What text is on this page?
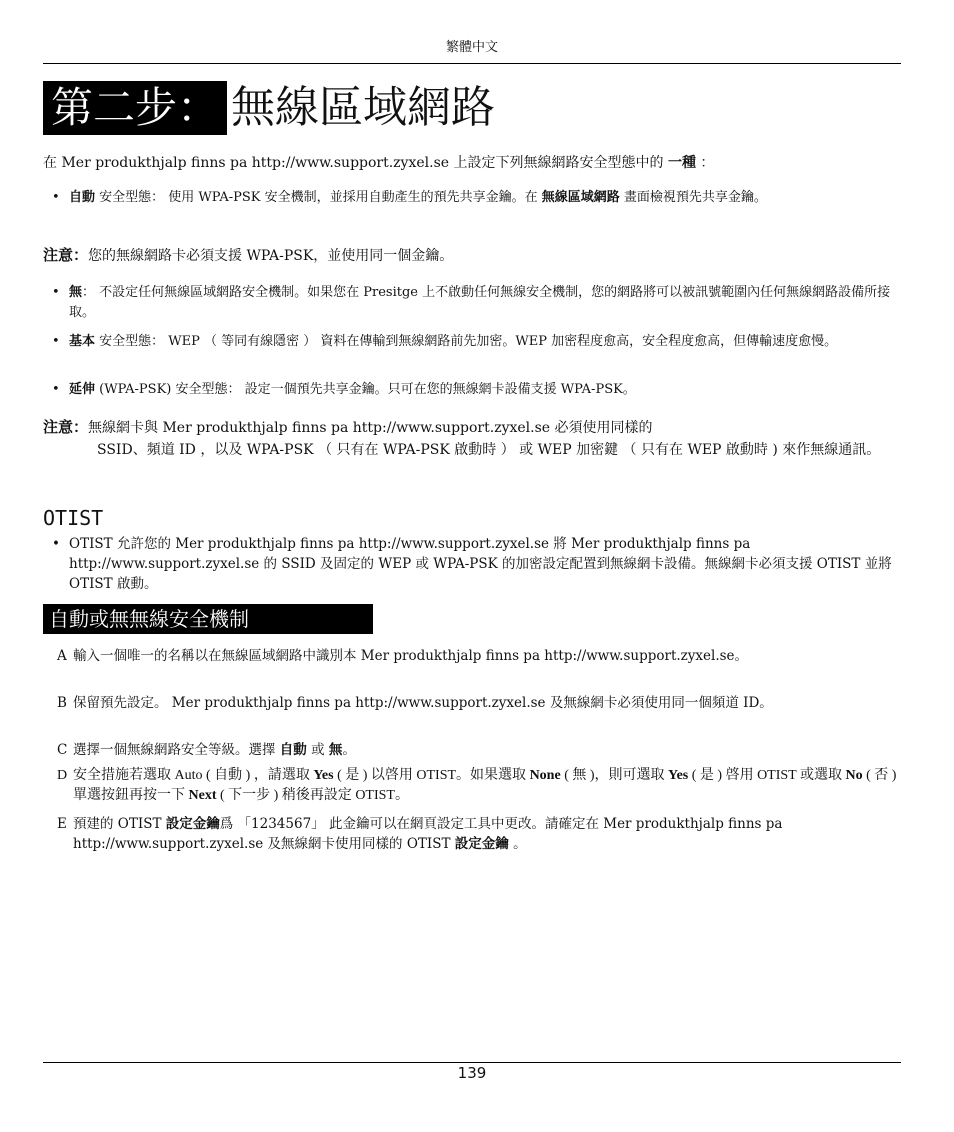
繁體中文
第二步： 無線區域網路
在 Mer produkthjalp finns pa http://www.support.zyxel.se 上設定下列無線網路安全型態中的 一種 ：
• 自動 安全型態： 使用 WPA-PSK 安全機制，並採用自動產生的預先共享金鑰。在 無線區域網路 畫面檢視預先共享金鑰。
注意：您的無線網路卡必須支援 WPA-PSK，並使用同一個金鑰。
• 無： 不設定任何無線區域網路安全機制。如果您在 Presitge 上不啟動任何無線安全機制，您的網路將可以被訊號範圍內任何無線網路設備所接取。
• 基本 安全型態： WEP （ 等同有線隱密 ） 資料在傳輸到無線網路前先加密。WEP 加密程度愈高，安全程度愈高，但傳輸速度愈慢。
• 延伸 (WPA-PSK) 安全型態： 設定一個預先共享金鑰。只可在您的無線網卡設備支援 WPA-PSK。
注意：無線網卡與 Mer produkthjalp finns pa http://www.support.zyxel.se 必須使用同樣的
SSID、頻道 ID ，以及 WPA-PSK （ 只有在 WPA-PSK 啟動時 ） 或 WEP 加密鍵 （ 只有在 WEP 啟動時 ) 來作無線通訊。
OTIST
• OTIST 允許您的 Mer produkthjalp finns pa http://www.support.zyxel.se 將 Mer produkthjalp finns pa http://www.support.zyxel.se 的 SSID 及固定的 WEP 或 WPA-PSK 的加密設定配置到無線網卡設備。無線網卡必須支援 OTIST 並將 OTIST 啟動。
自動或無無線安全機制
A 輸入一個唯一的名稱以在無線區域網路中識別本 Mer produkthjalp finns pa http://www.support.zyxel.se。
B 保留預先設定。 Mer produkthjalp finns pa http://www.support.zyxel.se 及無線網卡必須使用同一個頻道 ID。
C 選擇一個無線網路安全等級。選擇 自動 或 無。
D 安全措施若選取 Auto ( 自動 ) ，請選取 Yes ( 是 ) 以啓用 OTIST。如果選取 None ( 無 )，則可選取 Yes ( 是 ) 啓用 OTIST 或選取 No ( 否 ) 單選按鈕再按一下 Next ( 下一步 ) 稍後再設定 OTIST。
E 預建的 OTIST 設定金鑰爲 「1234567」 此金鑰可以在網頁設定工具中更改。請確定在 Mer produkthjalp finns pa http://www.support.zyxel.se 及無線網卡使用同樣的 OTIST 設定金鑰 。
139
